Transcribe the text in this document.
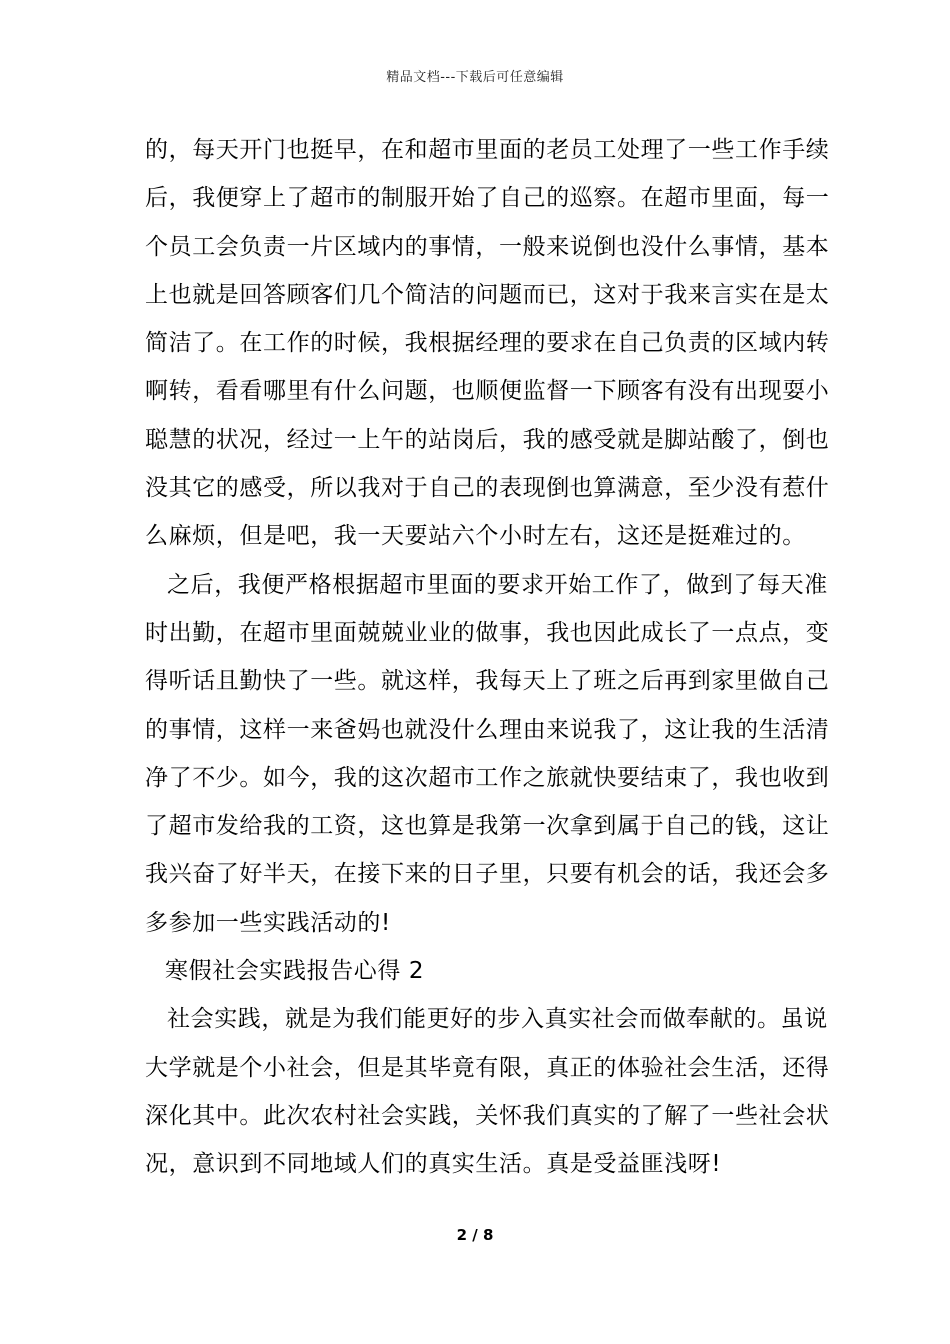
精品文档---下载后可任意编辑
的，每天开门也挺早，在和超市里面的老员工处理了一些工作手续
后，我便穿上了超市的制服开始了自己的巡察。在超市里面，每一
个员工会负责一片区域内的事情，一般来说倒也没什么事情，基本
上也就是回答顾客们几个简洁的问题而已，这对于我来言实在是太
简洁了。在工作的时候，我根据经理的要求在自己负责的区域内转
啊转，看看哪里有什么问题，也顺便监督一下顾客有没有出现耍小
聪慧的状况，经过一上午的站岗后，我的感受就是脚站酸了，倒也
没其它的感受，所以我对于自己的表现倒也算满意，至少没有惹什
么麻烦，但是吧，我一天要站六个小时左右，这还是挺难过的。
之后，我便严格根据超市里面的要求开始工作了，做到了每天准
时出勤，在超市里面兢兢业业的做事，我也因此成长了一点点，变
得听话且勤快了一些。就这样，我每天上了班之后再到家里做自己
的事情，这样一来爸妈也就没什么理由来说我了，这让我的生活清
净了不少。如今，我的这次超市工作之旅就快要结束了，我也收到
了超市发给我的工资，这也算是我第一次拿到属于自己的钱，这让
我兴奋了好半天，在接下来的日子里，只要有机会的话，我还会多
多参加一些实践活动的!
寒假社会实践报告心得 2
社会实践，就是为我们能更好的步入真实社会而做奉献的。虽说
大学就是个小社会，但是其毕竟有限，真正的体验社会生活，还得
深化其中。此次农村社会实践，关怀我们真实的了解了一些社会状
况，意识到不同地域人们的真实生活。真是受益匪浅呀!
2 / 8
